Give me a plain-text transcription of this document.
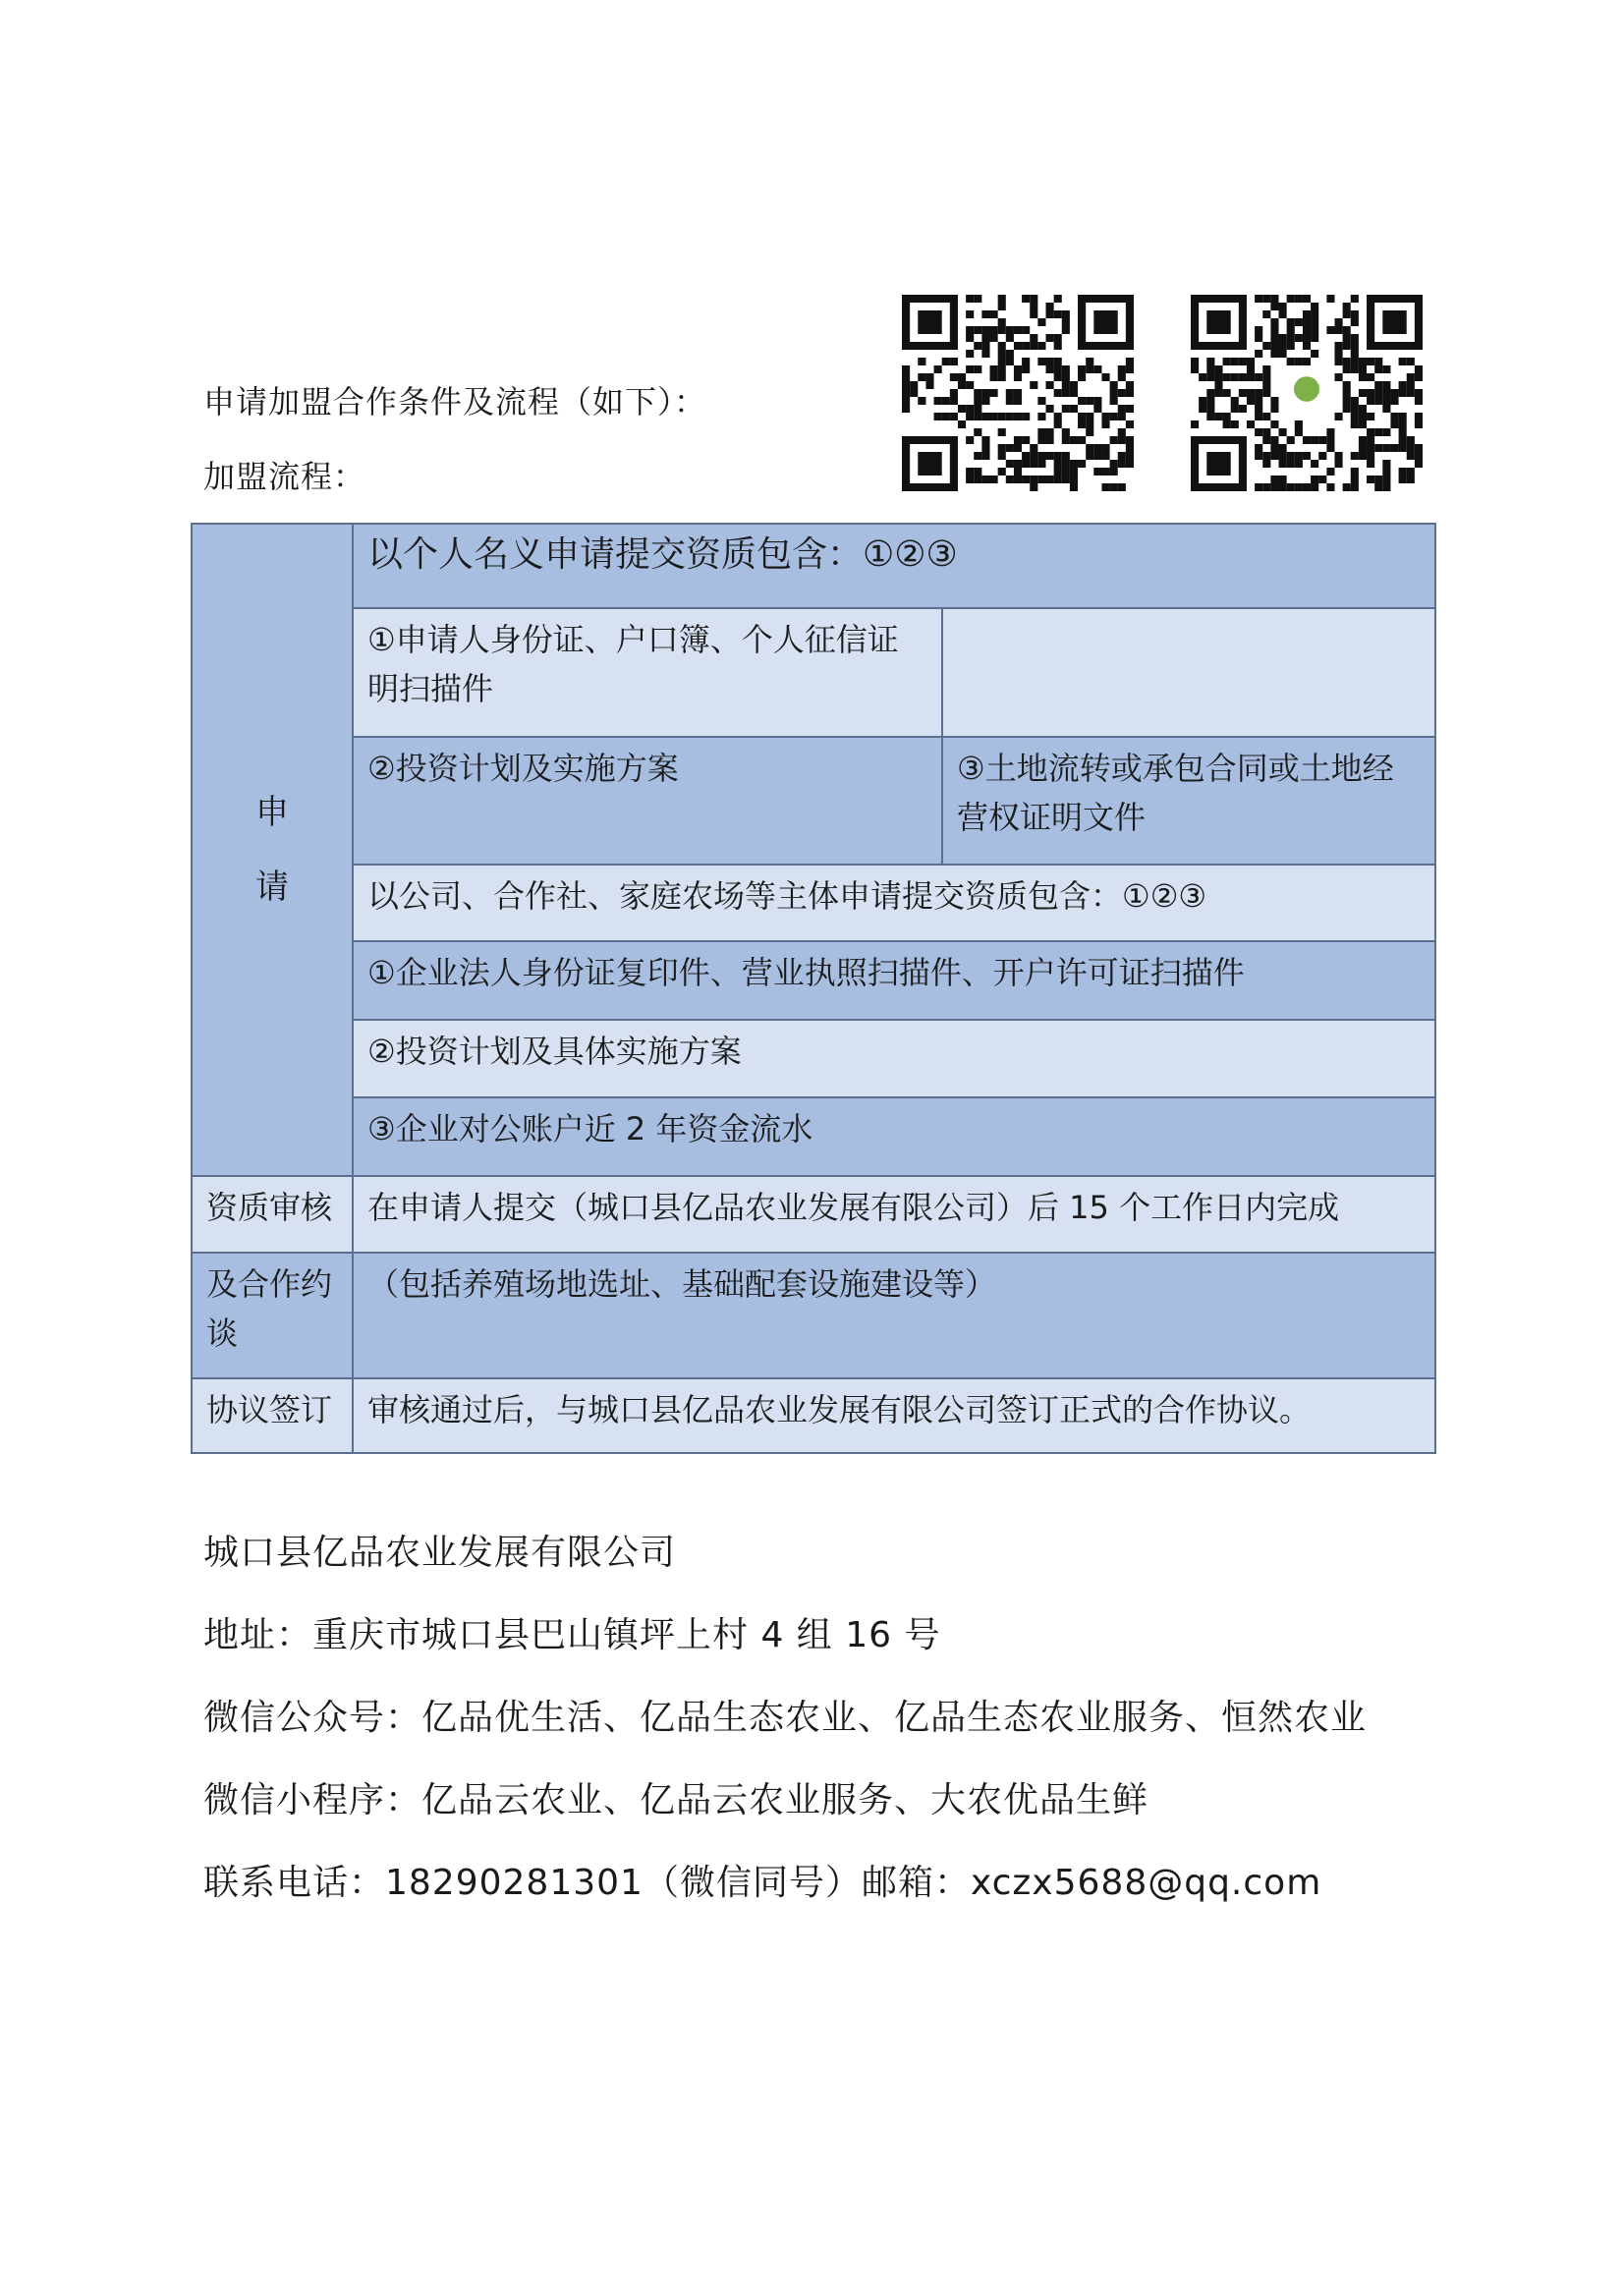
申请加盟合作条件及流程（如下）：
加盟流程：
申
请	以个人名义申请提交资质包含：①②③	
	①申请人身份证、户口簿、个人征信证明扫描件	
	②投资计划及实施方案	③土地流转或承包合同或土地经营权证明文件
	以公司、合作社、家庭农场等主体申请提交资质包含：①②③	
	①企业法人身份证复印件、营业执照扫描件、开户许可证扫描件	
	②投资计划及具体实施方案	
	③企业对公账户近 2 年资金流水	

资质审核	在申请人提交（城口县亿品农业发展有限公司）后 15 个工作日内完成	
及合作约谈	（包括养殖场地选址、基础配套设施建设等）	
协议签订	审核通过后，与城口县亿品农业发展有限公司签订正式的合作协议。	
城口县亿品农业发展有限公司
地址：重庆市城口县巴山镇坪上村 4 组 16 号
微信公众号：亿品优生活、亿品生态农业、亿品生态农业服务、恒然农业
微信小程序：亿品云农业、亿品云农业服务、大农优品生鲜
联系电话：18290281301（微信同号）邮箱：xczx5688@qq.com
